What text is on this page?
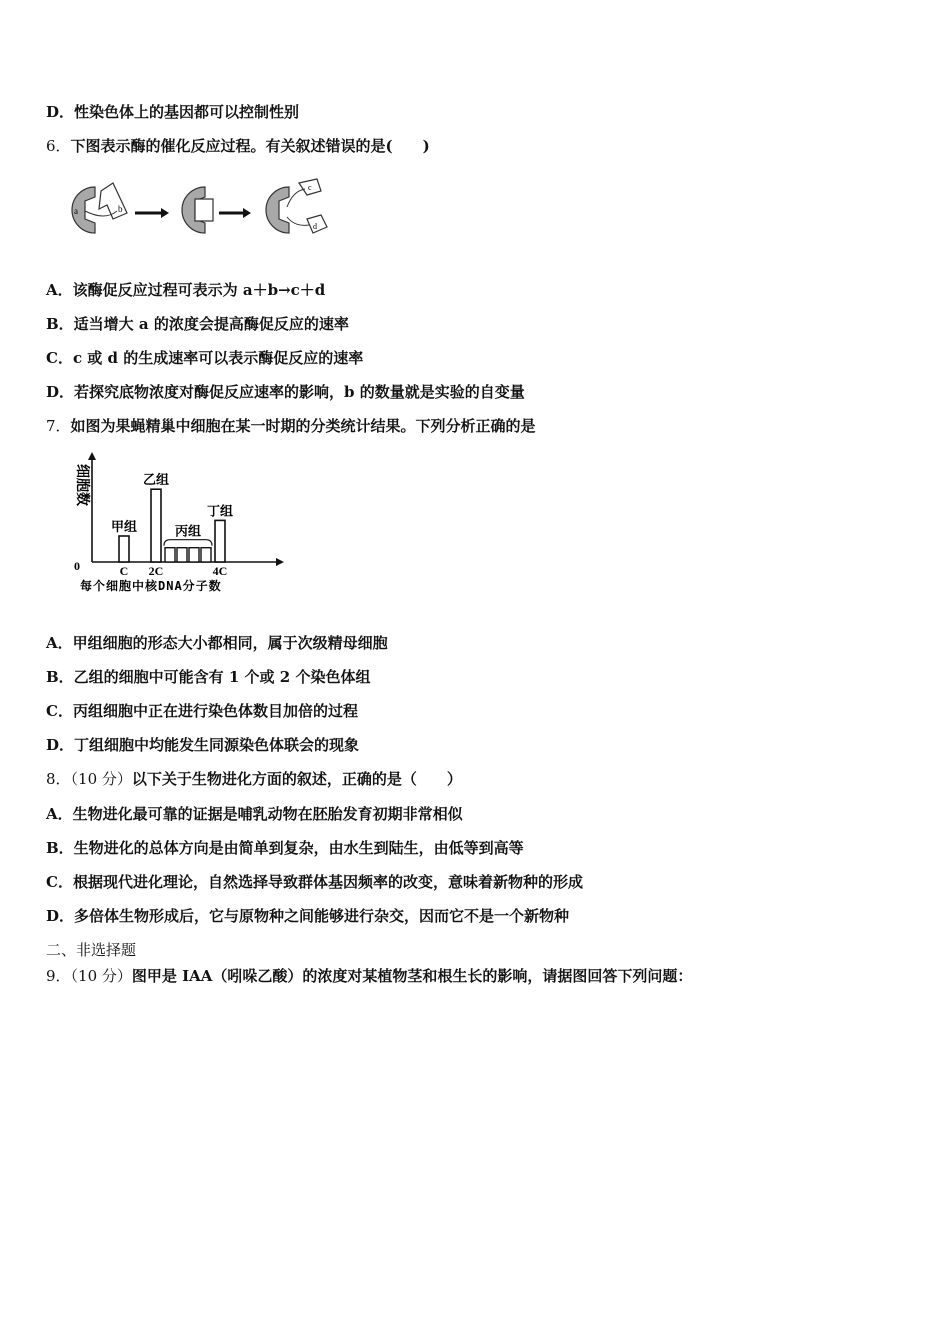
D．性染色体上的基因都可以控制性别
6．下图表示酶的催化反应过程。有关叙述错误的是(　　)
a	b
c
d
A．该酶促反应过程可表示为 a＋b→c＋d
B．适当增大 a 的浓度会提高酶促反应的速率
C．c 或 d 的生成速率可以表示酶促反应的速率
D．若探究底物浓度对酶促反应速率的影响，b 的数量就是实验的自变量
7．如图为果蝇精巢中细胞在某一时期的分类统计结果。下列分析正确的是
细胞数
0	C 2C	4C
甲组
乙组
丙组
丁组
每个细胞中核DNA分子数
A．甲组细胞的形态大小都相同，属于次级精母细胞
B．乙组的细胞中可能含有 1 个或 2 个染色体组
C．丙组细胞中正在进行染色体数目加倍的过程
D．丁组细胞中均能发生同源染色体联会的现象
8．（10 分）以下关于生物进化方面的叙述，正确的是（　　）
A．生物进化最可靠的证据是哺乳动物在胚胎发育初期非常相似
B．生物进化的总体方向是由简单到复杂，由水生到陆生，由低等到高等
C．根据现代进化理论，自然选择导致群体基因频率的改变，意味着新物种的形成
D．多倍体生物形成后，它与原物种之间能够进行杂交，因而它不是一个新物种
二、非选择题
9．（10 分）图甲是 IAA（吲哚乙酸）的浓度对某植物茎和根生长的影响，请据图回答下列问题：
